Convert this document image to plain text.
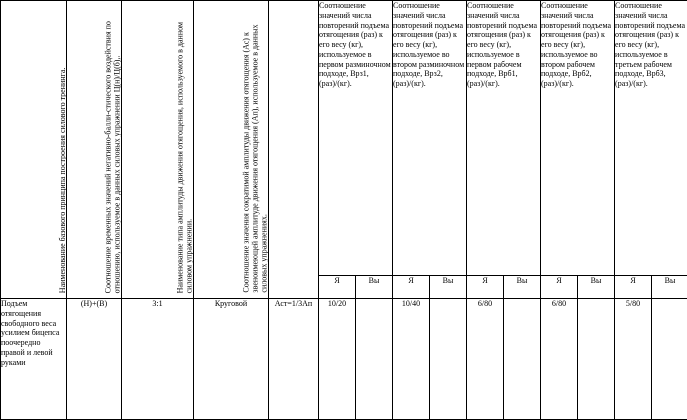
Наименование базового принципа построения силового тренинга.	Соотношение временных значений негативно-балли-стического воздействия по отношению, используемое в данных силовых упражнении Ц(н)/Ц(б),.	Наименование типа амплитуды движения отягощения, используемого в данном силовом упражнении.	Соотношение значения сократимой амплитуды движения отягощения (Ас) к звеноимеющей амплитуде движения отягощения (Ап), используемое в данных силовых упражнениях.	Соотношение значений числа повторений подъема отягощения (раз) к его весу (кг), используемое в первом разминочном подходе, Bрз1, (раз)/(кг).		Соотношение значений числа повторений подъема отягощения (раз) к его весу (кг), используемое во втором разминочном подходе, Bрз2, (раз)/(кг).		Соотношение значений числа повторений подъема отягощения (раз) к его весу (кг), используемое в первом рабочем подходе, Bрб1,(раз)/(кг).		Соотношение значений числа повторений подъема отягощения (раз) к его весу (кг), используемое во втором рабочем подходе, Bрб2,(раз)/(кг).		Соотношение значений числа повторений подъема отягощения (раз) к его весу (кг), используемое в третьем рабочем подходе, Bрб3,(раз)/(кг).	
					Я	Вы	Я	Вы	Я	Вы	Я	Вы	Я	Вы
Подъем отягощения свободного веса усилием бицепса поочередно правой и левой руками	(Н)+(В)	3:1	Круговой	Аст=1/3Ап	10/20		10/40		6/80		6/80		5/80	
